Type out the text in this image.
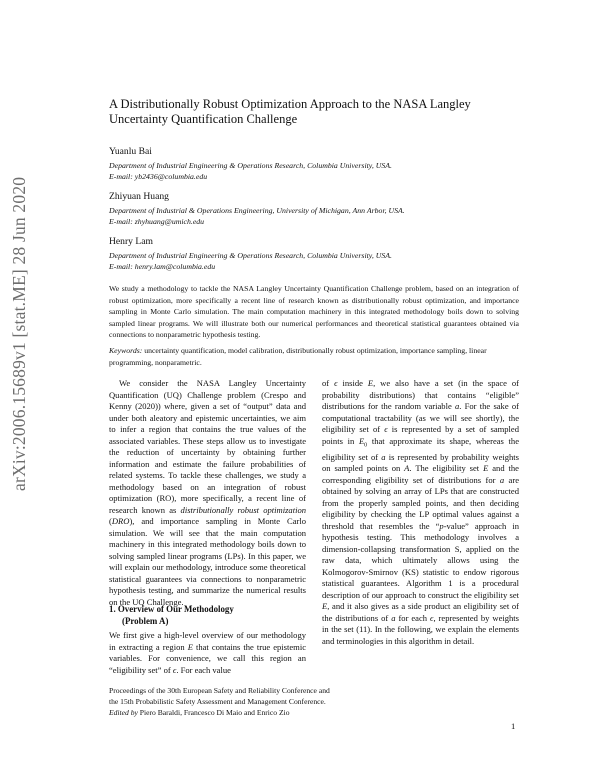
arXiv:2006.15689v1 [stat.ME] 28 Jun 2020
A Distributionally Robust Optimization Approach to the NASA Langley Uncertainty Quantification Challenge
Yuanlu Bai
Department of Industrial Engineering & Operations Research, Columbia University, USA.
E-mail: yb2436@columbia.edu
Zhiyuan Huang
Department of Industrial & Operations Engineering, University of Michigan, Ann Arbor, USA.
E-mail: zhyhuang@umich.edu
Henry Lam
Department of Industrial Engineering & Operations Research, Columbia University, USA.
E-mail: henry.lam@columbia.edu
We study a methodology to tackle the NASA Langley Uncertainty Quantification Challenge problem, based on an integration of robust optimization, more specifically a recent line of research known as distributionally robust optimization, and importance sampling in Monte Carlo simulation. The main computation machinery in this integrated methodology boils down to solving sampled linear programs. We will illustrate both our numerical performances and theoretical statistical guarantees obtained via connections to nonparametric hypothesis testing.
Keywords: uncertainty quantification, model calibration, distributionally robust optimization, importance sampling, linear programming, nonparametric.

We consider the NASA Langley Uncertainty Quantification (UQ) Challenge problem (Crespo and Kenny (2020)) where, given a set of “output” data and under both aleatory and epistemic uncertainties, we aim to infer a region that contains the true values of the associated variables. These steps allow us to investigate the reduction of uncertainty by obtaining further information and estimate the failure probabilities of related systems. To tackle these challenges, we study a methodology based on an integration of robust optimization (RO), more specifically, a recent line of research known as distributionally robust optimization (DRO), and importance sampling in Monte Carlo simulation. We will see that the main computation machinery in this integrated methodology boils down to solving sampled linear programs (LPs). In this paper, we will explain our methodology, introduce some theoretical statistical guarantees via connections to nonparametric hypothesis testing, and summarize the numerical results on the UQ Challenge.

1. Overview of Our Methodology
(Problem A)

We first give a high-level overview of our methodology in extracting a region E that contains the true epistemic variables. For convenience, we call this region an “eligibility set” of ϵ. For each value

of ϵ inside E, we also have a set (in the space of probability distributions) that contains “eligible” distributions for the random variable a. For the sake of computational tractability (as we will see shortly), the eligibility set of ϵ is represented by a set of sampled points in $E_0$ that approximate its shape, whereas the eligibility set of a is represented by probability weights on sampled points on A. The eligibility set E and the corresponding eligibility set of distributions for a are obtained by solving an array of LPs that are constructed from the properly sampled points, and then deciding eligibility by checking the LP optimal values against a threshold that resembles the “p-value” approach in hypothesis testing. This methodology involves a dimension-collapsing transformation S, applied on the raw data, which ultimately allows using the Kolmogorov-Smirnov (KS) statistic to endow rigorous statistical guarantees. Algorithm 1 is a procedural description of our approach to construct the eligibility set E, and it also gives as a side product an eligibility set of the distributions of a for each ϵ, represented by weights in the set (11). In the following, we explain the elements and terminologies in this algorithm in detail.

Proceedings of the 30th European Safety and Reliability Conference and
the 15th Probabilistic Safety Assessment and Management Conference.
Edited by Piero Baraldi, Francesco Di Maio and Enrico Zio
1
